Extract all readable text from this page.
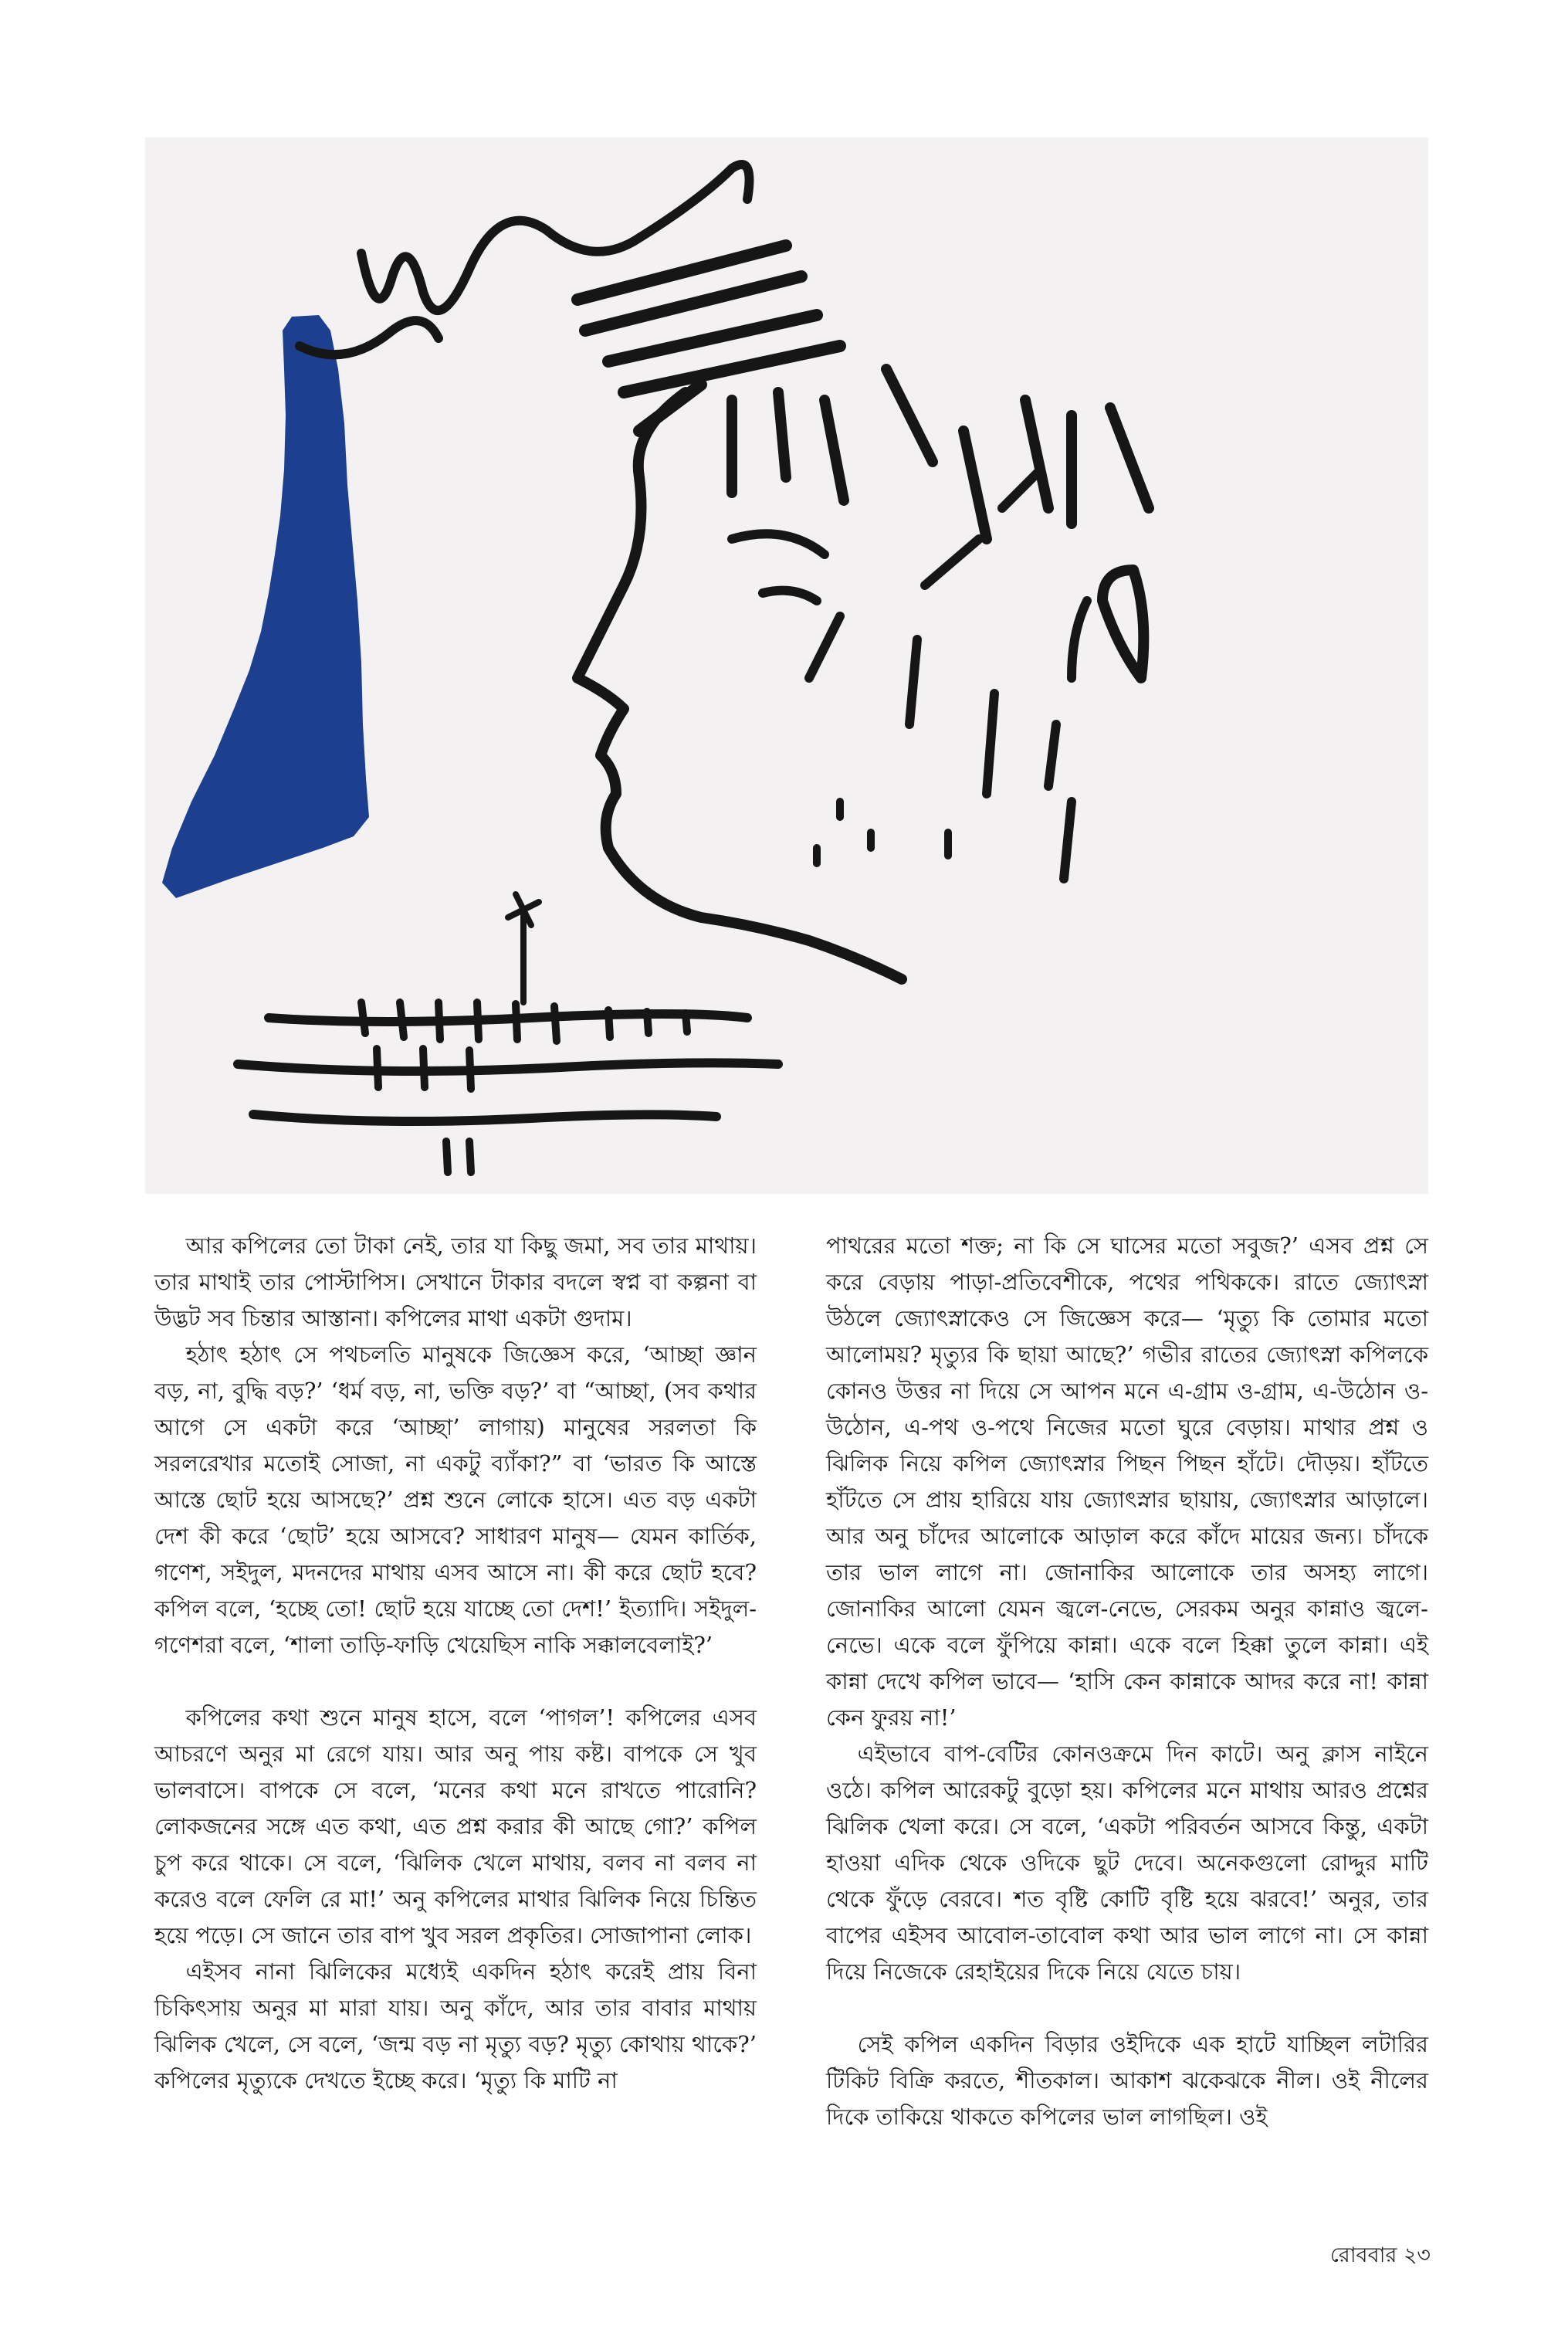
আর কপিলের তো টাকা নেই, তার যা কিছু জমা, সব তার মাথায়। তার মাথাই তার পোস্টাপিস। সেখানে টাকার বদলে স্বপ্ন বা কল্পনা বা উদ্ভট সব চিন্তার আস্তানা। কপিলের মাথা একটা গুদাম।

হঠাৎ হঠাৎ সে পথচলতি মানুষকে জিজ্ঞেস করে, ‘আচ্ছা জ্ঞান বড়, না, বুদ্ধি বড়?’ ‘ধর্ম বড়, না, ভক্তি বড়?’ বা “আচ্ছা, (সব কথার আগে সে একটা করে ‘আচ্ছা’ লাগায়) মানুষের সরলতা কি সরলরেখার মতোই সোজা, না একটু ব্যাঁকা?” বা ‘ভারত কি আস্তে আস্তে ছোট হয়ে আসছে?’ প্রশ্ন শুনে লোকে হাসে। এত বড় একটা দেশ কী করে ‘ছোট’ হয়ে আসবে? সাধারণ মানুষ— যেমন কার্তিক, গণেশ, সইদুল, মদনদের মাথায় এসব আসে না। কী করে ছোট হবে? কপিল বলে, ‘হচ্ছে তো! ছোট হয়ে যাচ্ছে তো দেশ!’ ইত্যাদি। সইদুল-গণেশরা বলে, ‘শালা তাড়ি-ফাড়ি খেয়েছিস নাকি সক্কালবেলাই?’

কপিলের কথা শুনে মানুষ হাসে, বলে ‘পাগল’! কপিলের এসব আচরণে অনুর মা রেগে যায়। আর অনু পায় কষ্ট। বাপকে সে খুব ভালবাসে। বাপকে সে বলে, ‘মনের কথা মনে রাখতে পারোনি? লোকজনের সঙ্গে এত কথা, এত প্রশ্ন করার কী আছে গো?’ কপিল চুপ করে থাকে। সে বলে, ‘ঝিলিক খেলে মাথায়, বলব না বলব না করেও বলে ফেলি রে মা!’ অনু কপিলের মাথার ঝিলিক নিয়ে চিন্তিত হয়ে পড়ে। সে জানে তার বাপ খুব সরল প্রকৃতির। সোজাপানা লোক।

এইসব নানা ঝিলিকের মধ্যেই একদিন হঠাৎ করেই প্রায় বিনা চিকিৎসায় অনুর মা মারা যায়। অনু কাঁদে, আর তার বাবার মাথায় ঝিলিক খেলে, সে বলে, ‘জন্ম বড় না মৃত্যু বড়? মৃত্যু কোথায় থাকে?’ কপিলের মৃত্যুকে দেখতে ইচ্ছে করে। ‘মৃত্যু কি মাটি না

পাথরের মতো শক্ত; না কি সে ঘাসের মতো সবুজ?’ এসব প্রশ্ন সে করে বেড়ায় পাড়া-প্রতিবেশীকে, পথের পথিককে। রাতে জ্যোৎস্না উঠলে জ্যোৎস্নাকেও সে জিজ্ঞেস করে— ‘মৃত্যু কি তোমার মতো আলোময়? মৃত্যুর কি ছায়া আছে?’ গভীর রাতের জ্যোৎস্না কপিলকে কোনও উত্তর না দিয়ে সে আপন মনে এ-গ্রাম ও-গ্রাম, এ-উঠোন ও-উঠোন, এ-পথ ও-পথে নিজের মতো ঘুরে বেড়ায়। মাথার প্রশ্ন ও ঝিলিক নিয়ে কপিল জ্যোৎস্নার পিছন পিছন হাঁটে। দৌড়য়। হাঁটতে হাঁটতে সে প্রায় হারিয়ে যায় জ্যোৎস্নার ছায়ায়, জ্যোৎস্নার আড়ালে। আর অনু চাঁদের আলোকে আড়াল করে কাঁদে মায়ের জন্য। চাঁদকে তার ভাল লাগে না। জোনাকির আলোকে তার অসহ্য লাগে। জোনাকির আলো যেমন জ্বলে-নেভে, সেরকম অনুর কান্নাও জ্বলে-নেভে। একে বলে ফুঁপিয়ে কান্না। একে বলে হিক্কা তুলে কান্না। এই কান্না দেখে কপিল ভাবে— ‘হাসি কেন কান্নাকে আদর করে না! কান্না কেন ফুরয় না!’

এইভাবে বাপ-বেটির কোনওক্রমে দিন কাটে। অনু ক্লাস নাইনে ওঠে। কপিল আরেকটু বুড়ো হয়। কপিলের মনে মাথায় আরও প্রশ্নের ঝিলিক খেলা করে। সে বলে, ‘একটা পরিবর্তন আসবে কিন্তু, একটা হাওয়া এদিক থেকে ওদিকে ছুট দেবে। অনেকগুলো রোদ্দুর মাটি থেকে ফুঁড়ে বেরবে। শত বৃষ্টি কোটি বৃষ্টি হয়ে ঝরবে!’ অনুর, তার বাপের এইসব আবোল-তাবোল কথা আর ভাল লাগে না। সে কান্না দিয়ে নিজেকে রেহাইয়ের দিকে নিয়ে যেতে চায়।

সেই কপিল একদিন বিড়ার ওইদিকে এক হাটে যাচ্ছিল লটারির টিকিট বিক্রি করতে, শীতকাল। আকাশ ঝকেঝকে নীল। ওই নীলের দিকে তাকিয়ে থাকতে কপিলের ভাল লাগছিল। ওই

রোববার ২৩
